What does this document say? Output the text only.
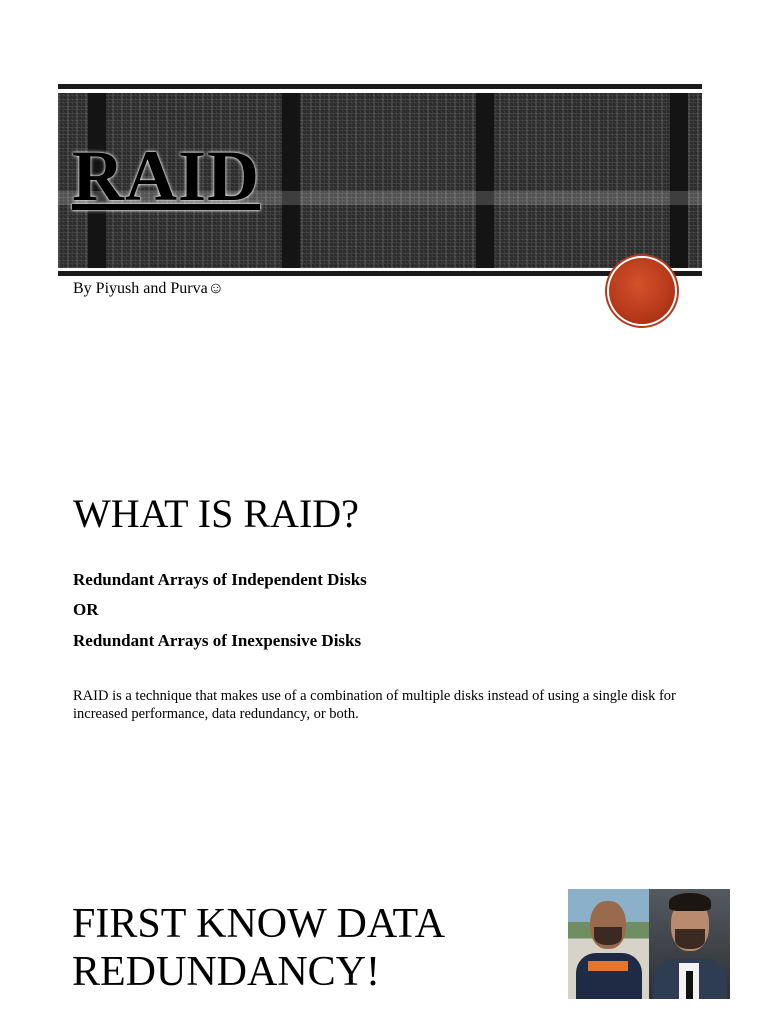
RAID
By Piyush and Purva☺
WHAT IS RAID?
Redundant Arrays of Independent Disks
OR
Redundant Arrays of Inexpensive Disks
RAID is a technique that makes use of a combination of multiple disks instead of using a single disk for increased performance, data redundancy, or both.
FIRST KNOW DATA
REDUNDANCY!
